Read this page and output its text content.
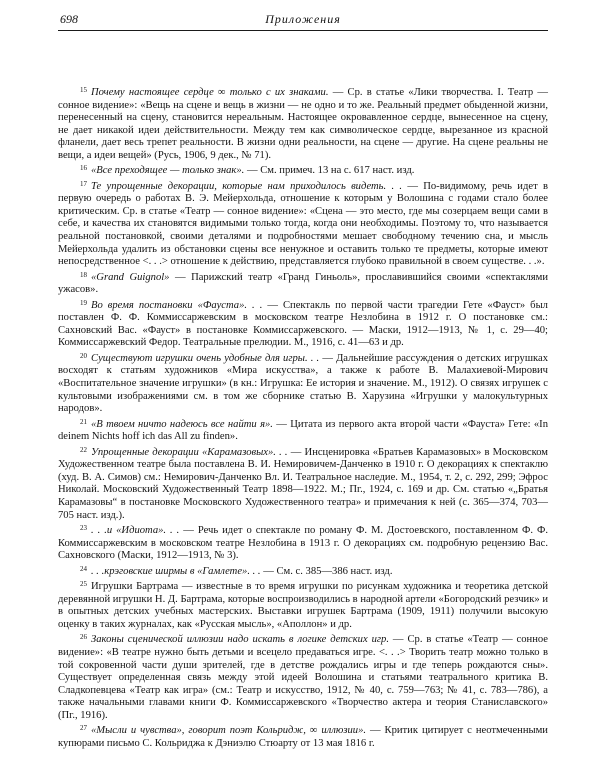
698	Приложения

$^{15}$ Почему настоящее сердце ∞ только с их знаками. — Ср. в статье «Лики творчества. I. Театр — сонное видение»: «Вещь на сцене и вещь в жизни — не одно и то же. Реальный предмет обыденной жизни, перенесенный на сцену, становится нереальным. Настоящее окровавленное сердце, вынесенное на сцену, не дает никакой идеи действительности. Между тем как символическое сердце, вырезанное из красной фланели, дает весь трепет реальности. В жизни одни реальности, на сцене — другие. На сцене реальны не вещи, а идеи вещей» (Русь, 1906, 9 дек., № 71).

$^{16}$ «Все преходящее — только знак». — См. примеч. 13 на с. 617 наст. изд.

$^{17}$ Те упрощенные декорации, которые нам приходилось видеть. . . — По-видимому, речь идет в первую очередь о работах В. Э. Мейерхольда, отношение к которым у Волошина с годами стало более критическим. Ср. в статье «Театр — сонное видение»: «Сцена — это место, где мы созерцаем вещи сами в себе, и качества их становятся видимыми только тогда, когда они необходимы. Поэтому то, что называется реальной постановкой, своими деталями и подробностями мешает свободному течению сна, и мысль Мейерхольда удалить из обстановки сцены все ненужное и оставить только те предметы, которые имеют непосредственное <. . .> отношение к действию, представляется глубоко правильной в своем существе. . .».

$^{18}$ «Grand Guignol» — Парижский театр «Гранд Гиньоль», прославившийся своими «спектаклями ужасов».

$^{19}$ Во время постановки «Фауста». . . — Спектакль по первой части трагедии Гете «Фауст» был поставлен Ф. Ф. Коммиссаржевским в московском театре Незлобина в 1912 г. О постановке см.: Сахновский Вас. «Фауст» в постановке Коммиссаржевского. — Маски, 1912—1913, № 1, с. 29—40; Коммиссаржевский Федор. Театральные прелюдии. М., 1916, с. 41—63 и др.

$^{20}$ Существуют игрушки очень удобные для игры. . . — Дальнейшие рассуждения о детских игрушках восходят к статьям художников «Мира искусства», а также к работе В. Малахиевой-Мирович «Воспитательное значение игрушки» (в кн.: Игрушка: Ее история и значение. М., 1912). О связях игрушек с культовыми изображениями см. в том же сборнике статью В. Харузина «Игрушки у малокультурных народов».

$^{21}$ «В твоем ничто надеюсь все найти я». — Цитата из первого акта второй части «Фауста» Гете: «In deinem Nichts hoff ich das All zu finden».

$^{22}$ Упрощенные декорации «Карамазовых». . . — Инсценировка «Братьев Карамазовых» в Московском Художественном театре была поставлена В. И. Немировичем-Данченко в 1910 г. О декорациях к спектаклю (худ. В. А. Симов) см.: Немирович-Данченко Вл. И. Театральное наследие. М., 1954, т. 2, с. 292, 299; Эфрос Николай. Московский Художественный Театр 1898—1922. М.; Пг., 1924, с. 169 и др. См. статью «„Братья Карамазовы“ в постановке Московского Художественного театра» и примечания к ней (с. 365—374, 703—705 наст. изд.).

$^{23}$ . . .и «Идиота». . . — Речь идет о спектакле по роману Ф. М. Достоевского, поставленном Ф. Ф. Коммиссаржевским в московском театре Незлобина в 1913 г. О декорациях см. подробную рецензию Вас. Сахновского (Маски, 1912—1913, № 3).

$^{24}$ . . .крэговские ширмы в «Гамлете». . . — См. с. 385—386 наст. изд.

$^{25}$ Игрушки Бартрама — известные в то время игрушки по рисункам художника и теоретика детской деревянной игрушки Н. Д. Бартрама, которые воспроизводились в народной артели «Богородский резчик» и в опытных детских учебных мастерских. Выставки игрушек Бартрама (1909, 1911) получили высокую оценку в таких журналах, как «Русская мысль», «Аполлон» и др.

$^{26}$ Законы сценической иллюзии надо искать в логике детских игр. — Ср. в статье «Театр — сонное видение»: «В театре нужно быть детьми и всецело предаваться игре. <. . .> Творить театр можно только в той сокровенной части души зрителей, где в детстве рождались игры и где теперь рождаются сны». Существует определенная связь между этой идеей Волошина и статьями театрального критика В. Сладкопевцева «Театр как игра» (см.: Театр и искусство, 1912, № 40, с. 759—763; № 41, с. 783—786), а также начальными главами книги Ф. Коммиссаржевского «Творчество актера и теория Станиславского» (Пг., 1916).

$^{27}$ «Мысли и чувства», говорит поэт Кольридж, ∞ иллюзии». — Критик цитирует с неотмеченными купюрами письмо С. Кольриджа к Дэниэлю Стюарту от 13 мая 1816 г.
